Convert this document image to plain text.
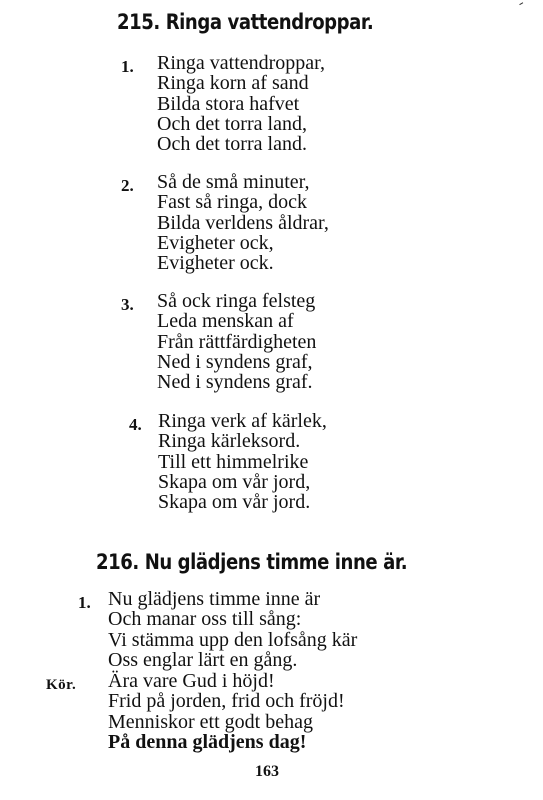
215. Ringa vattendroppar.
1. Ringa vattendroppar,
Ringa korn af sand
Bilda stora hafvet
Och det torra land,
Och det torra land.
2. Så de små minuter,
Fast så ringa, dock
Bilda verldens åldrar,
Evigheter ock,
Evigheter ock.
3. Så ock ringa felsteg
Leda menskan af
Från rättfärdigheten
Ned i syndens graf,
Ned i syndens graf.
4. Ringa verk af kärlek,
Ringa kärleksord.
Till ett himmelrike
Skapa om vår jord,
Skapa om vår jord.
216. Nu glädjens timme inne är.
1. Nu glädjens timme inne är
Och manar oss till sång:
Vi stämma upp den lofsång kär
Oss englar lärt en gång.
Kör. Ära vare Gud i höjd!
Frid på jorden, frid och fröjd!
Menniskor ett godt behag
På denna glädjens dag!
163
